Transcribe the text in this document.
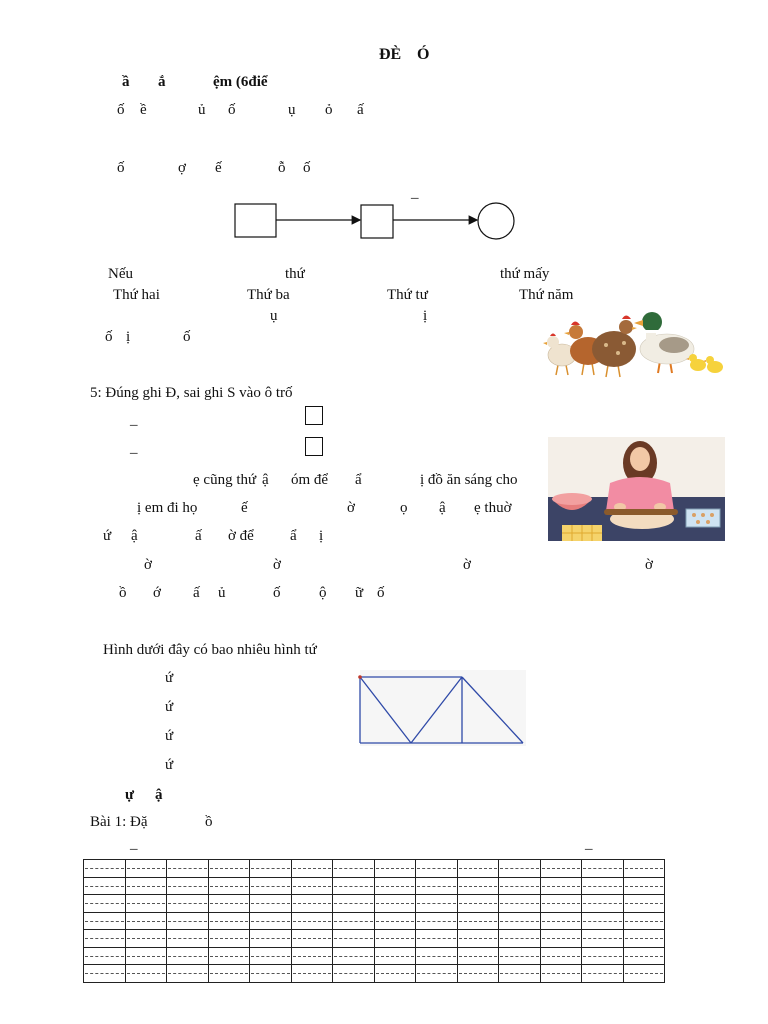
ĐÈ Ó
ầ ắ	ệm (6điể
ố ề	ủ ố	ụ ỏ ấ
ố	ợ ế	ỗ ố
_
Nếu	thứ	thứ mấy
Thứ hai	Thứ ba	Thứ tư	Thứ năm
ụ	ị
ố ị	ố
5: Đúng ghi Đ, sai ghi S vào ô trố
_
_
ẹ cũng thứ ậ óm để ẩ	ị đồ ăn sáng cho
ị em đi họ	ế	ờ	ọ ậ ẹ thuờ
ứ ậ	ấ ờ để ẩ ị
ờ	ờ	ờ	ờ
ồ ớ ấ ủ	ố	ộ ữ ố
Hình dưới đây có bao nhiêu hình tứ
ứ
ứ
ứ
ứ
ự ậ
Bài 1: Đặ	ồ
_	_
